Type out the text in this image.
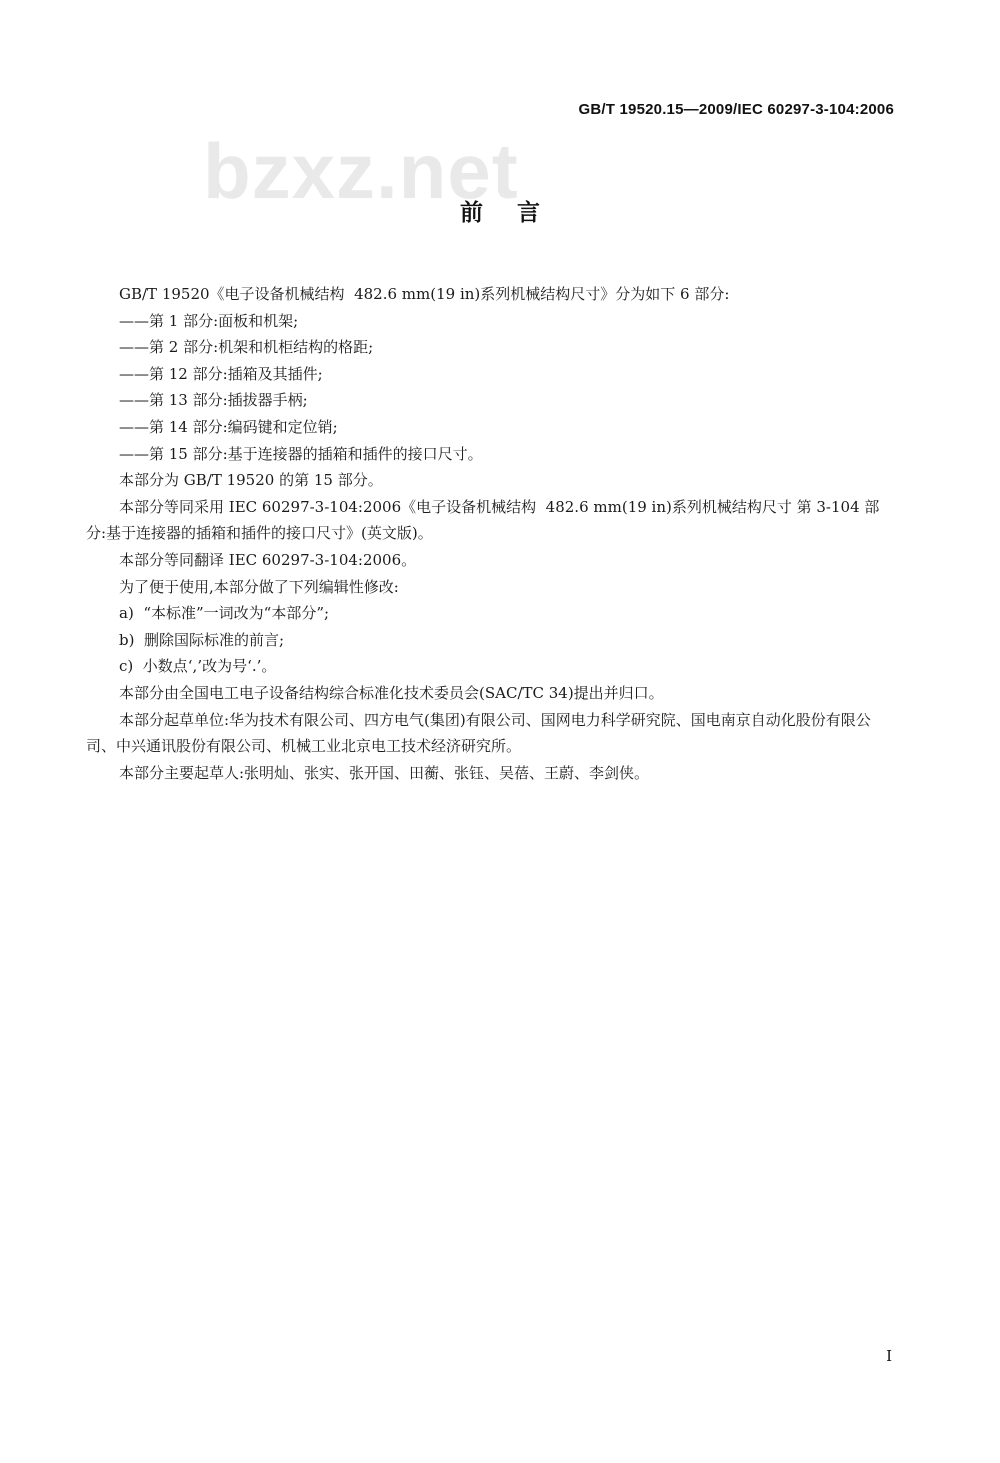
GB/T 19520.15—2009/IEC 60297-3-104:2006
bzxz.net
前言

GB/T 19520《电子设备机械结构  482.6 mm(19 in)系列机械结构尺寸》分为如下 6 部分:

——第 1 部分:面板和机架;

——第 2 部分:机架和机柜结构的格距;

——第 12 部分:插箱及其插件;

——第 13 部分:插拔器手柄;

——第 14 部分:编码键和定位销;

——第 15 部分:基于连接器的插箱和插件的接口尺寸。

本部分为 GB/T 19520 的第 15 部分。

本部分等同采用 IEC 60297-3-104:2006《电子设备机械结构  482.6 mm(19 in)系列机械结构尺寸 第 3-104 部分:基于连接器的插箱和插件的接口尺寸》(英文版)。

本部分等同翻译 IEC 60297-3-104:2006。

为了便于使用,本部分做了下列编辑性修改:

a)  “本标准”一词改为“本部分”;

b)  删除国际标准的前言;

c)  小数点‘,’改为号‘.’。

本部分由全国电工电子设备结构综合标准化技术委员会(SAC/TC 34)提出并归口。

本部分起草单位:华为技术有限公司、四方电气(集团)有限公司、国网电力科学研究院、国电南京自动化股份有限公司、中兴通讯股份有限公司、机械工业北京电工技术经济研究所。

本部分主要起草人:张明灿、张实、张开国、田蘅、张钰、吴蓓、王蔚、李剑侠。

I
